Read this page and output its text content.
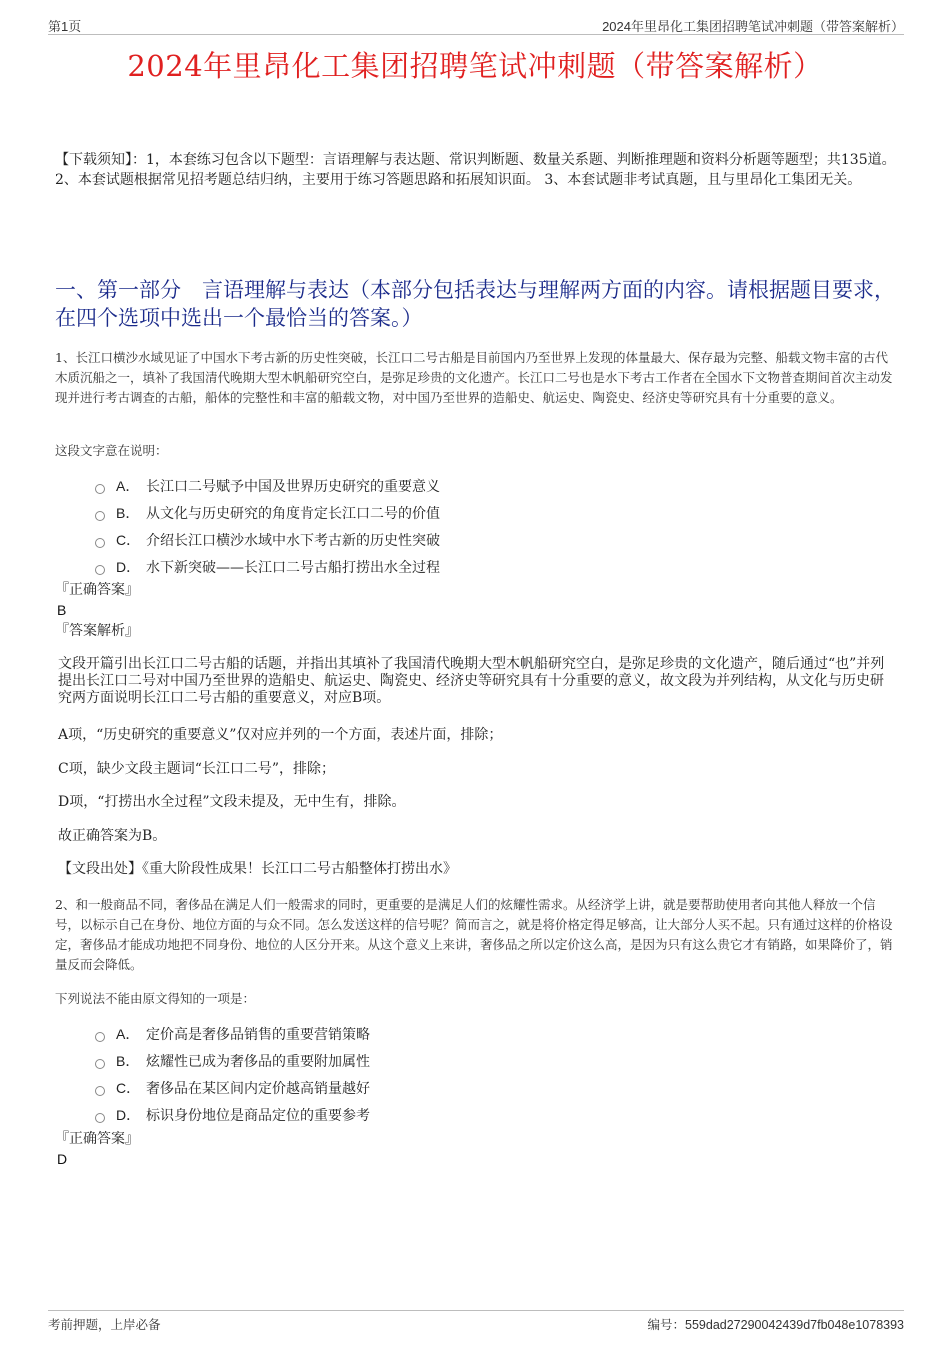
第1页	2024年里昂化工集团招聘笔试冲刺题（带答案解析）
2024年里昂化工集团招聘笔试冲刺题（带答案解析）
【下载须知】：1，本套练习包含以下题型：言语理解与表达题、常识判断题、数量关系题、判断推理题和资料分析题等题型；共135道。 2、本套试题根据常见招考题总结归纳，主要用于练习答题思路和拓展知识面。 3、本套试题非考试真题，且与里昂化工集团无关。
一、第一部分　言语理解与表达（本部分包括表达与理解两方面的内容。请根据题目要求，在四个选项中选出一个最恰当的答案。）
1、长江口横沙水域见证了中国水下考古新的历史性突破，长江口二号古船是目前国内乃至世界上发现的体量最大、保存最为完整、船载文物丰富的古代木质沉船之一，填补了我国清代晚期大型木帆船研究空白，是弥足珍贵的文化遗产。长江口二号也是水下考古工作者在全国水下文物普查期间首次主动发现并进行考古调查的古船，船体的完整性和丰富的船载文物，对中国乃至世界的造船史、航运史、陶瓷史、经济史等研究具有十分重要的意义。
这段文字意在说明：
A． 长江口二号赋予中国及世界历史研究的重要意义
B． 从文化与历史研究的角度肯定长江口二号的价值
C． 介绍长江口横沙水域中水下考古新的历史性突破
D． 水下新突破——长江口二号古船打捞出水全过程
『正确答案』
B
『答案解析』
文段开篇引出长江口二号古船的话题，并指出其填补了我国清代晚期大型木帆船研究空白，是弥足珍贵的文化遗产，随后通过“也”并列提出长江口二号对中国乃至世界的造船史、航运史、陶瓷史、经济史等研究具有十分重要的意义，故文段为并列结构，从文化与历史研究两方面说明长江口二号古船的重要意义，对应B项。
A项，“历史研究的重要意义”仅对应并列的一个方面，表述片面，排除；
C项，缺少文段主题词“长江口二号”，排除；
D项，“打捞出水全过程”文段未提及，无中生有，排除。
故正确答案为B。
【文段出处】《重大阶段性成果！长江口二号古船整体打捞出水》
2、和一般商品不同，奢侈品在满足人们一般需求的同时，更重要的是满足人们的炫耀性需求。从经济学上讲，就是要帮助使用者向其他人释放一个信号，以标示自己在身份、地位方面的与众不同。怎么发送这样的信号呢？简而言之，就是将价格定得足够高，让大部分人买不起。只有通过这样的价格设定，奢侈品才能成功地把不同身份、地位的人区分开来。从这个意义上来讲，奢侈品之所以定价这么高，是因为只有这么贵它才有销路，如果降价了，销量反而会降低。
下列说法不能由原文得知的一项是：
A． 定价高是奢侈品销售的重要营销策略
B． 炫耀性已成为奢侈品的重要附加属性
C． 奢侈品在某区间内定价越高销量越好
D． 标识身份地位是商品定位的重要参考
『正确答案』
D
考前押题，上岸必备	编号：559dad27290042439d7fb048e1078393
